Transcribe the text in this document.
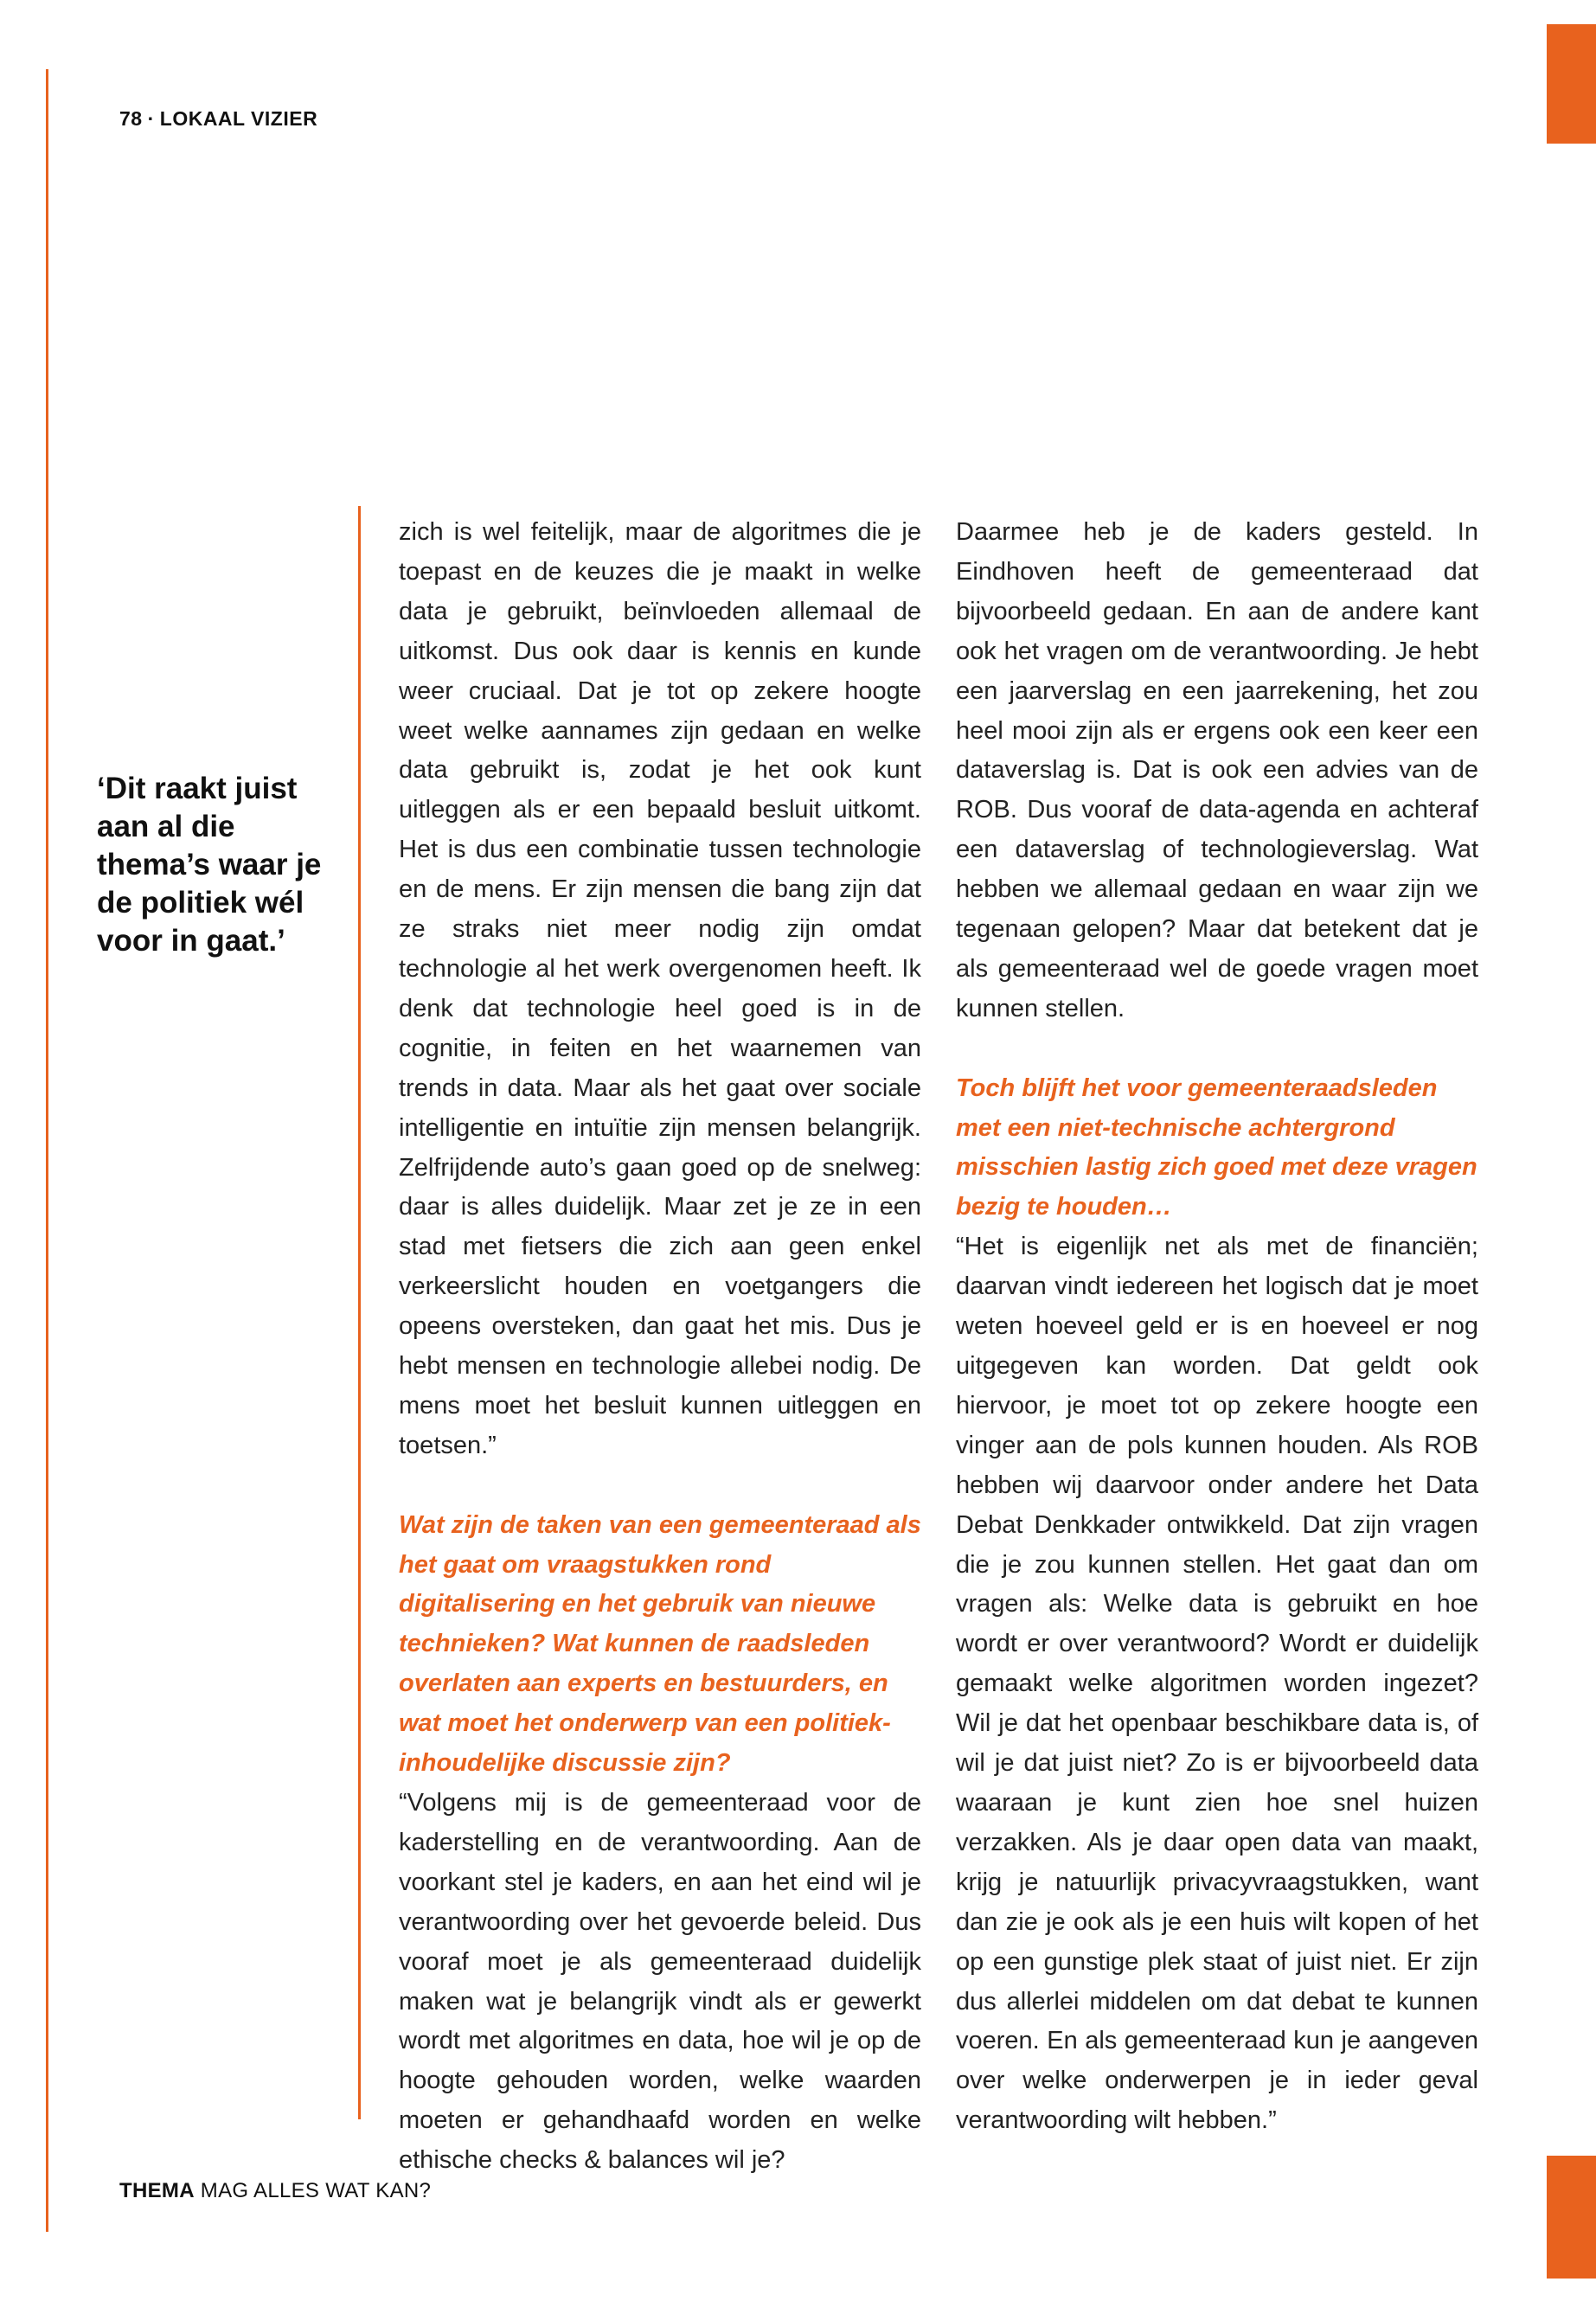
78 · LOKAAL VIZIER
‘Dit raakt juist aan al die thema’s waar je de politiek wél voor in gaat.’

zich is wel feitelijk, maar de algoritmes die je toepast en de keuzes die je maakt in welke data je gebruikt, beïnvloeden allemaal de uitkomst. Dus ook daar is kennis en kunde weer cruciaal. Dat je tot op zekere hoogte weet welke aannames zijn gedaan en welke data gebruikt is, zodat je het ook kunt uitleggen als er een bepaald besluit uitkomt. Het is dus een combinatie tussen technologie en de mens. Er zijn mensen die bang zijn dat ze straks niet meer nodig zijn omdat technologie al het werk overgenomen heeft. Ik denk dat technologie heel goed is in de cognitie, in feiten en het waarnemen van trends in data. Maar als het gaat over sociale intelligentie en intuïtie zijn mensen belangrijk. Zelfrijdende auto’s gaan goed op de snelweg: daar is alles duidelijk. Maar zet je ze in een stad met fietsers die zich aan geen enkel verkeerslicht houden en voetgangers die opeens oversteken, dan gaat het mis. Dus je hebt mensen en technologie allebei nodig. De mens moet het besluit kunnen uitleggen en toetsen.”

Wat zijn de taken van een gemeenteraad als het gaat om vraagstukken rond digitalisering en het gebruik van nieuwe technieken? Wat kunnen de raadsleden overlaten aan experts en bestuurders, en wat moet het onderwerp van een politiek-inhoudelijke discussie zijn?

“Volgens mij is de gemeenteraad voor de kaderstelling en de verantwoording. Aan de voorkant stel je kaders, en aan het eind wil je verantwoording over het gevoerde beleid. Dus vooraf moet je als gemeenteraad duidelijk maken wat je belangrijk vindt als er gewerkt wordt met algoritmes en data, hoe wil je op de hoogte gehouden worden, welke waarden moeten er gehandhaafd worden en welke ethische checks & balances wil je?

Daarmee heb je de kaders gesteld. In Eindhoven heeft de gemeenteraad dat bijvoorbeeld gedaan. En aan de andere kant ook het vragen om de verantwoording. Je hebt een jaarverslag en een jaarrekening, het zou heel mooi zijn als er ergens ook een keer een dataverslag is. Dat is ook een advies van de ROB. Dus vooraf de data-agenda en achteraf een dataverslag of technologieverslag. Wat hebben we allemaal gedaan en waar zijn we tegenaan gelopen? Maar dat betekent dat je als gemeenteraad wel de goede vragen moet kunnen stellen.

Toch blijft het voor gemeenteraadsleden met een niet-technische achtergrond misschien lastig zich goed met deze vragen bezig te houden…

“Het is eigenlijk net als met de financiën; daarvan vindt iedereen het logisch dat je moet weten hoeveel geld er is en hoeveel er nog uitgegeven kan worden. Dat geldt ook hiervoor, je moet tot op zekere hoogte een vinger aan de pols kunnen houden. Als ROB hebben wij daarvoor onder andere het Data Debat Denkkader ontwikkeld. Dat zijn vragen die je zou kunnen stellen. Het gaat dan om vragen als: Welke data is gebruikt en hoe wordt er over verantwoord? Wordt er duidelijk gemaakt welke algoritmen worden ingezet? Wil je dat het openbaar beschikbare data is, of wil je dat juist niet? Zo is er bijvoorbeeld data waaraan je kunt zien hoe snel huizen verzakken. Als je daar open data van maakt, krijg je natuurlijk privacyvraagstukken, want dan zie je ook als je een huis wilt kopen of het op een gunstige plek staat of juist niet. Er zijn dus allerlei middelen om dat debat te kunnen voeren. En als gemeenteraad kun je aangeven over welke onderwerpen je in ieder geval verantwoording wilt hebben.”

THEMA MAG ALLES WAT KAN?
